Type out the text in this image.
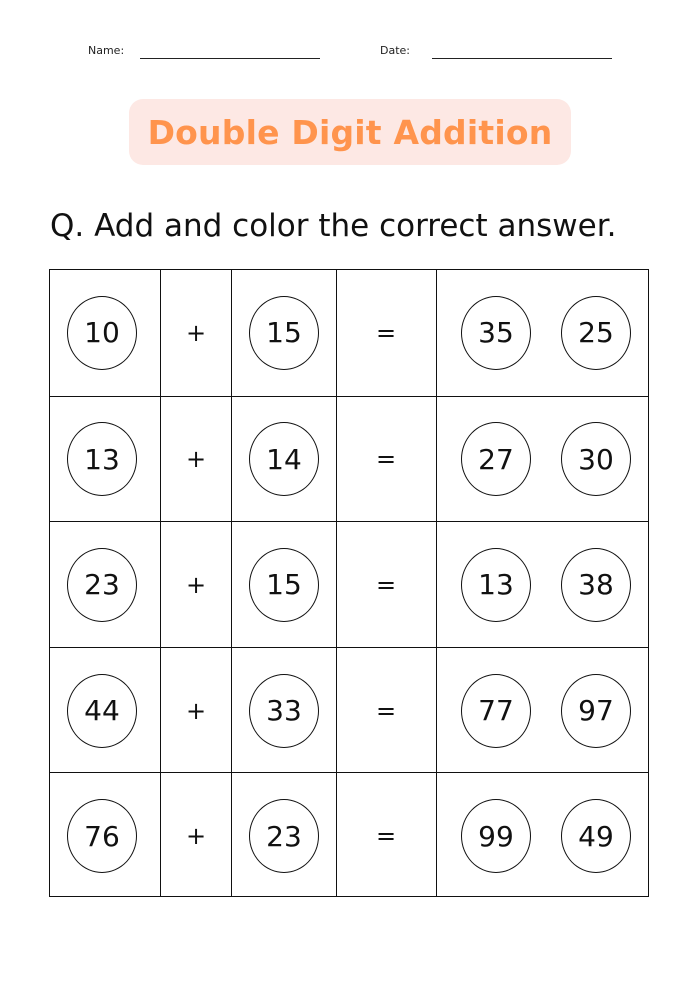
Name:	Date:
Double Digit Addition
Q. Add and color the correct answer.
10	+	15	=	35	25
13	+	14	=	27	30
23	+	15	=	13	38
44	+	33	=	77	97
76	+	23	=	99	49
